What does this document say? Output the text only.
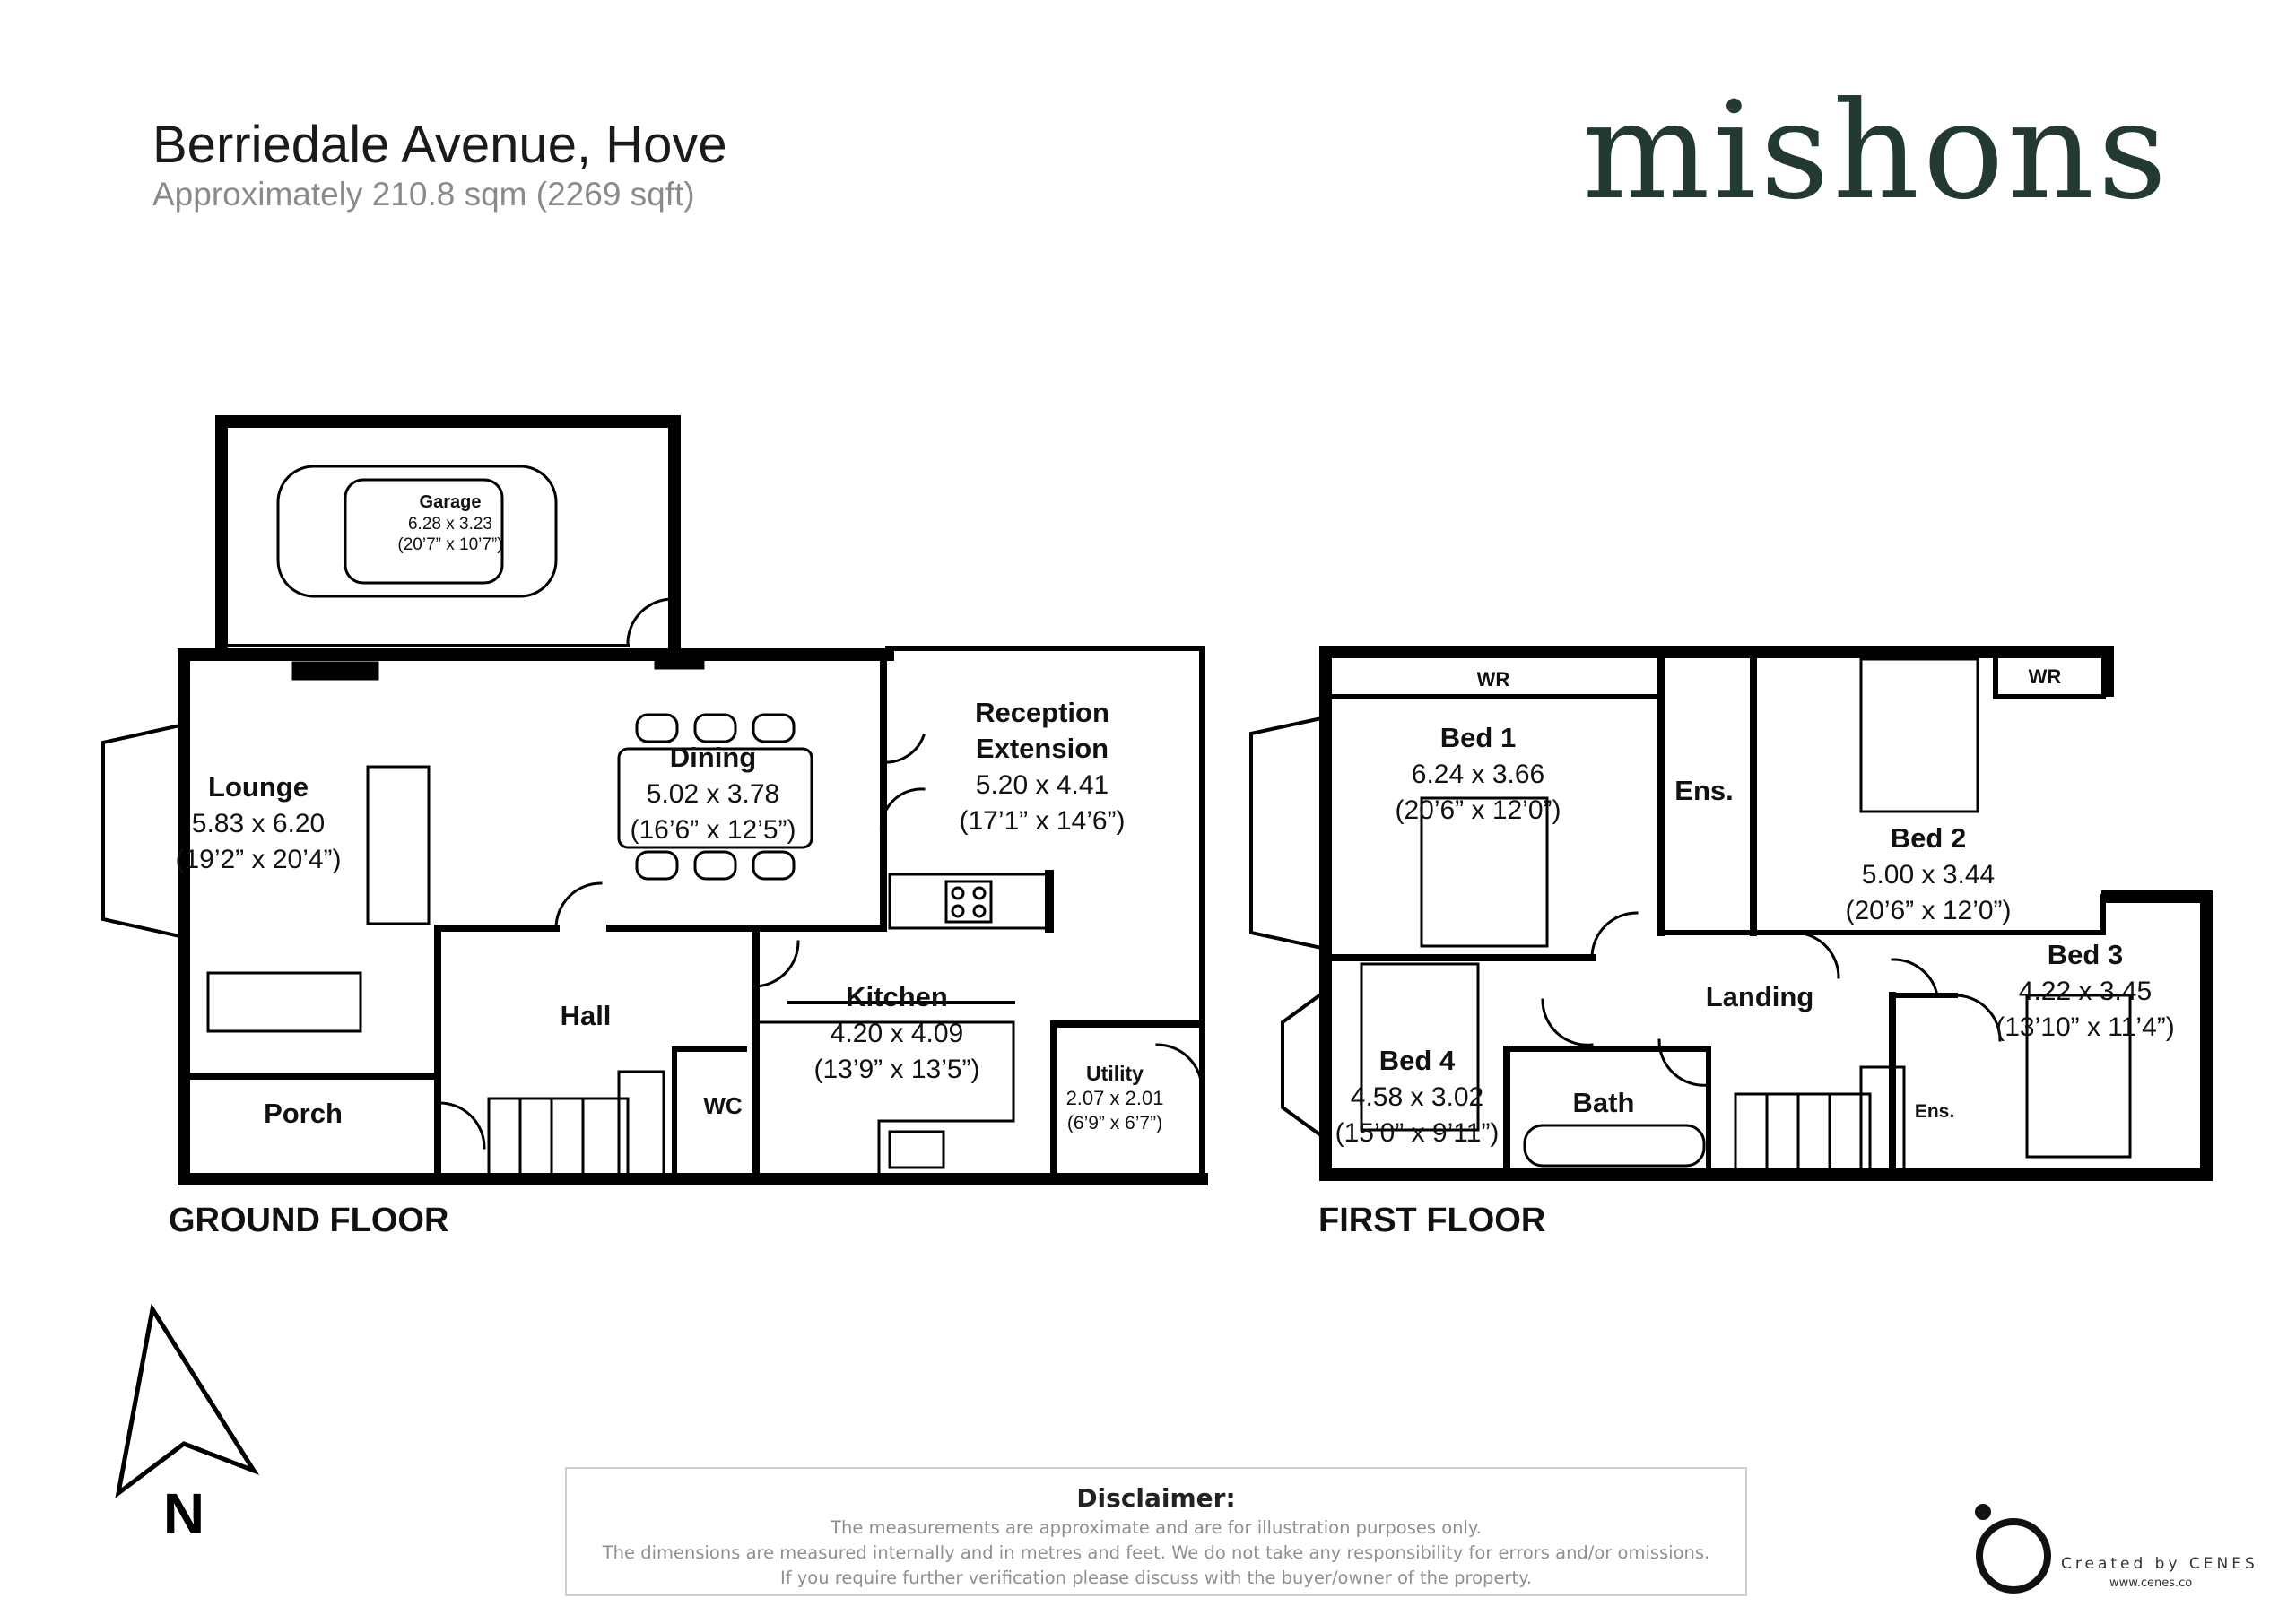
Berriedale Avenue, Hove
Approximately 210.8 sqm (2269 sqft)	mishons
Garage
6.28 x 3.23
(20’7” x 10’7”)
Lounge
5.83 x 6.20
(19’2” x 20’4”)
Dining
5.02 x 3.78
(16’6” x 12’5”)
Reception
Extension
5.20 x 4.41
(17’1” x 14’6”)
Hall
Kitchen
4.20 x 4.09
(13’9” x 13’5”)
Porch	WC
Utility
2.07 x 2.01
(6’9” x 6’7”)
WR
Bed 1
6.24 x 3.66
(20’6” x 12’0”)
Ens.
WR
Bed 2
5.00 x 3.44
(20’6” x 12’0”)
Bed 3
4.22 x 3.45
(13’10” x 11’4”)
Ens.
Landing
Bed 4
4.58 x 3.02
(15’0” x 9’11”)
Bath
GROUND FLOOR	FIRST FLOOR
N	Disclaimer:
The measurements are approximate and are for illustration purposes only.
The dimensions are measured internally and in metres and feet. We do not take any responsibility for errors and/or omissions.
If you require further verification please discuss with the buyer/owner of the property.
Created by CENES
www.cenes.co
